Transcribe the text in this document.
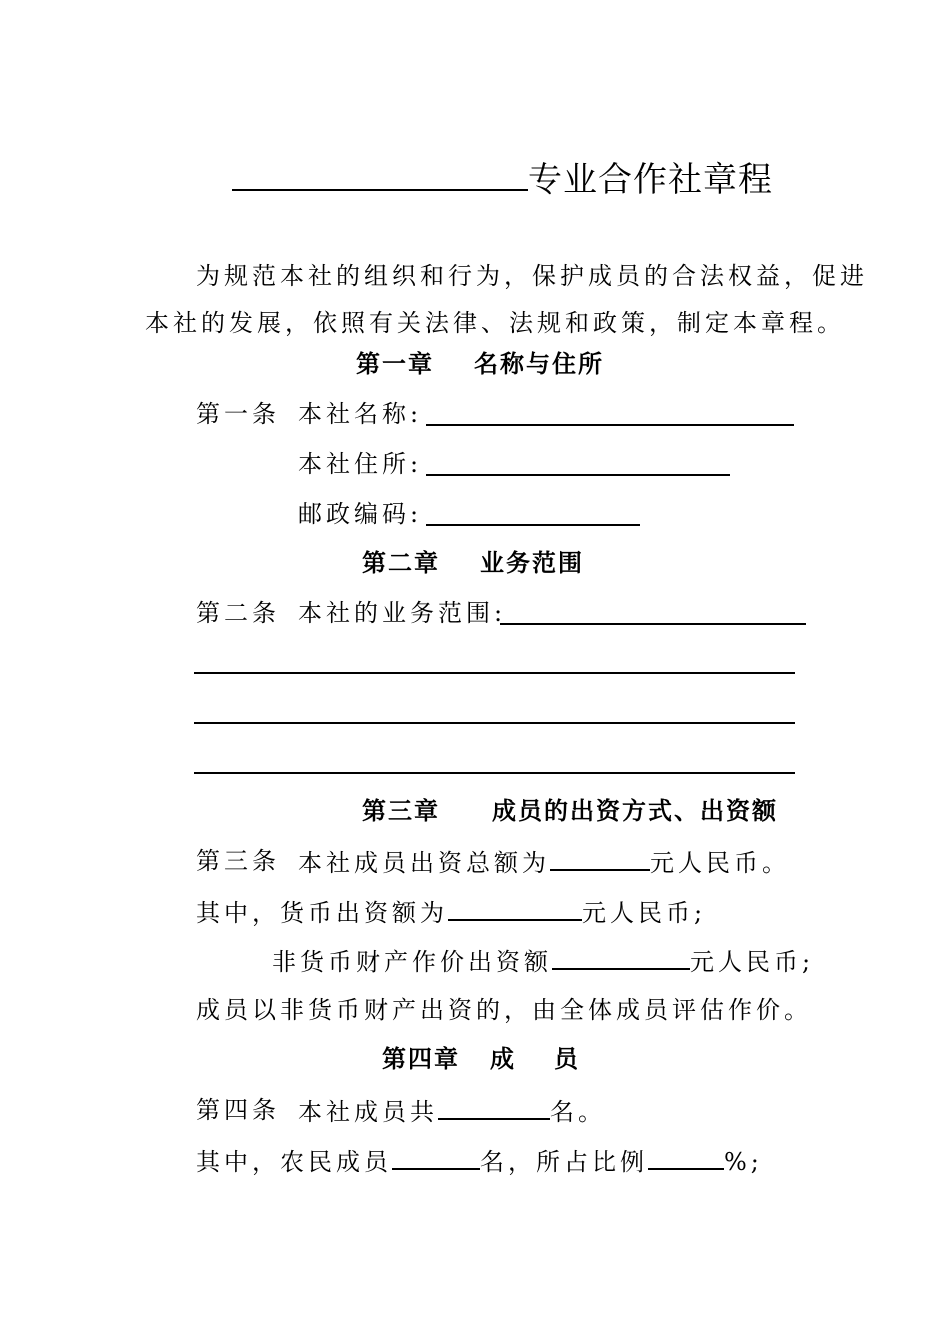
专业合作社章程
为规范本社的组织和行为，保护成员的合法权益，促进
本社的发展，依照有关法律、法规和政策，制定本章程。
第一章 名称与住所
第一条 本社名称:
本社住所:
邮政编码:
第二章 业务范围
第二条 本社的业务范围:
第三章 成员的出资方式、出资额
第三条 本社成员出资总额为	元人民币。
其中，货币出资额为	元人民币;
非货币财产作价出资额	元人民币;
成员以非货币财产出资的，由全体成员评估作价。
第四章 成 员
第四条 本社成员共	名。
其中，农民成员	名，所占比例	%;
